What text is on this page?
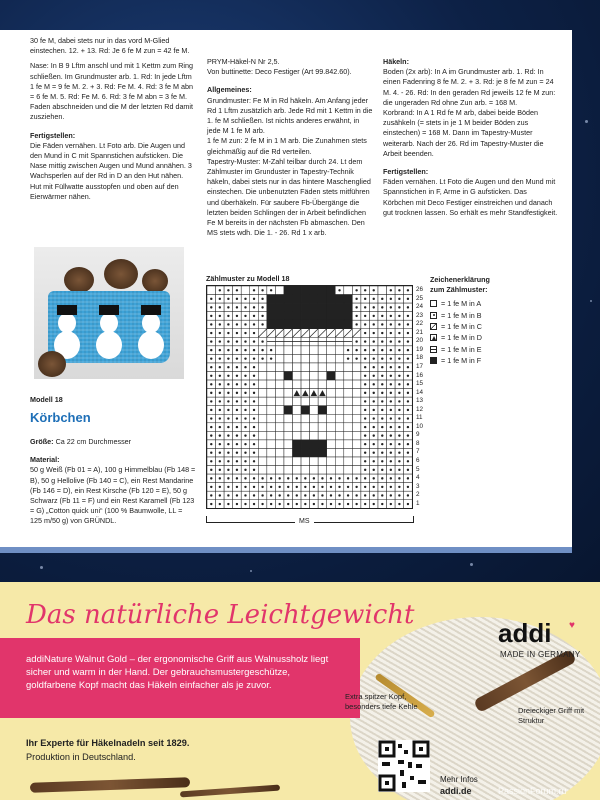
30 fe M, dabei stets nur in das vord M-Glied einstechen. 12. + 13. Rd: Je 6 fe M zun = 42 fe M.

Nase: In B 9 Lftm anschl und mit 1 Kettm zum Ring schließen. Im Grundmuster arb. 1. Rd: In jede Lftm 1 fe M = 9 fe M. 2. + 3. Rd: Fe M. 4. Rd: 3 fe M abn = 6 fe M. 5. Rd: Fe M. 6. Rd: 3 fe M abn = 3 fe M. Faden abschneiden und die M der letzten Rd damit zusziehen.

Fertigstellen:

Die Fäden vernähen. Lt Foto arb. Die Augen und den Mund in C mit Spannstichen aufsticken. Die Nase mittig zwischen Augen und Mund annähen. 3 Wachsperlen auf der Rd in D an den Hut nähen. Hut mit Füllwatte ausstopfen und oben auf den Eierwärmer nähen.

Modell 18
Körbchen

Größe: Ca 22 cm Durchmesser

Material:

50 g Weiß (Fb 01 = A), 100 g Himmelblau (Fb 148 = B), 50 g Hellolive (Fb 140 = C), ein Rest Mandarine (Fb 146 = D), ein Rest Kirsche (Fb 120 = E), 50 g Schwarz (Fb 11 = F) und ein Rest Karamell (Fb 123 = G) „Cotton quick uni“ (100 % Baumwolle, LL = 125 m/50 g) von GRÜNDL.

PRYM-Häkel-N Nr 2,5.

Von buttinette: Deco Festiger (Art 99.842.60).

Allgemeines:

Grundmuster: Fe M in Rd häkeln. Am Anfang jeder Rd 1 Lftm zusätzlich arb. Jede Rd mit 1 Kettm in die 1. fe M schließen. Ist nichts anderes erwähnt, in jede M 1 fe M arb.

1 fe M zun: 2 fe M in 1 M arb. Die Zunahmen stets gleichmäßig auf die Rd verteilen.

Tapestry-Muster: M-Zahl teilbar durch 24. Lt dem Zählmuster im Grunduster in Tapestry-Technik häkeln, dabei stets nur in das hintere Maschenglied einstechen. Die unbenutzten Fäden stets mitführen und überhäkeln. Für saubere Fb-Übergänge die letzten beiden Schlingen der in Arbeit befindlichen Fe M bereits in der nächsten Fb abmaschen. Den MS stets wdh. Die 1. - 26. Rd 1 x arb.

Häkeln:

Boden (2x arb): In A im Grundmuster arb. 1. Rd: In einen Fadenring 8 fe M. 2. + 3. Rd: je 8 fe M zun = 24 M. 4. - 26. Rd: In den geraden Rd jeweils 12 fe M zun: die ungeraden Rd ohne Zun arb. = 168 M.

Korbrand: In A 1 Rd fe M arb, dabei beide Böden zusähkeln (= stets in je 1 M beider Böden zus einstechen) = 168 M. Dann im Tapestry-Muster weiterarb. Nach der 26. Rd im Tapestry-Muster die Arbeit beenden.

Fertigstellen:

Fäden vernähen. Lt Foto die Augen und den Mund mit Spannstichen in F, Arme in G aufsticken. Das Körbchen mit Deco Festiger einstreichen und danach gut trocknen lassen. So erhält es mehr Standfestigkeit.

Zählmuster zu Modell 18
26
25
24
23
22
21
20
19
18
17
16
15
14
13
12
11
10
9
8
7
6
5
4
3
2
1
MS
Zeichenerklärung
zum Zählmuster:
= 1 fe M in A
= 1 fe M in B
= 1 fe M in C
= 1 fe M in D
= 1 fe M in E
= 1 fe M in F
Das natürliche Leichtgewicht
addiNature Walnut Gold – der ergonomische Griff aus Walnussholz liegt sicher und warm in der Hand. Der gebrauchsmustergeschütze, goldfarbene Kopf macht das Häkeln einfacher als je zuvor.
Ihr Experte für Häkelnadeln seit 1829.
Produktion in Deutschland.
addi ♥
MADE IN GERMANY
Extra spitzer Kopf, besonders tiefe Kehle	Dreieckiger Griff mit Struktur
Mehr Infos
addi.de	PassionForum.ru
